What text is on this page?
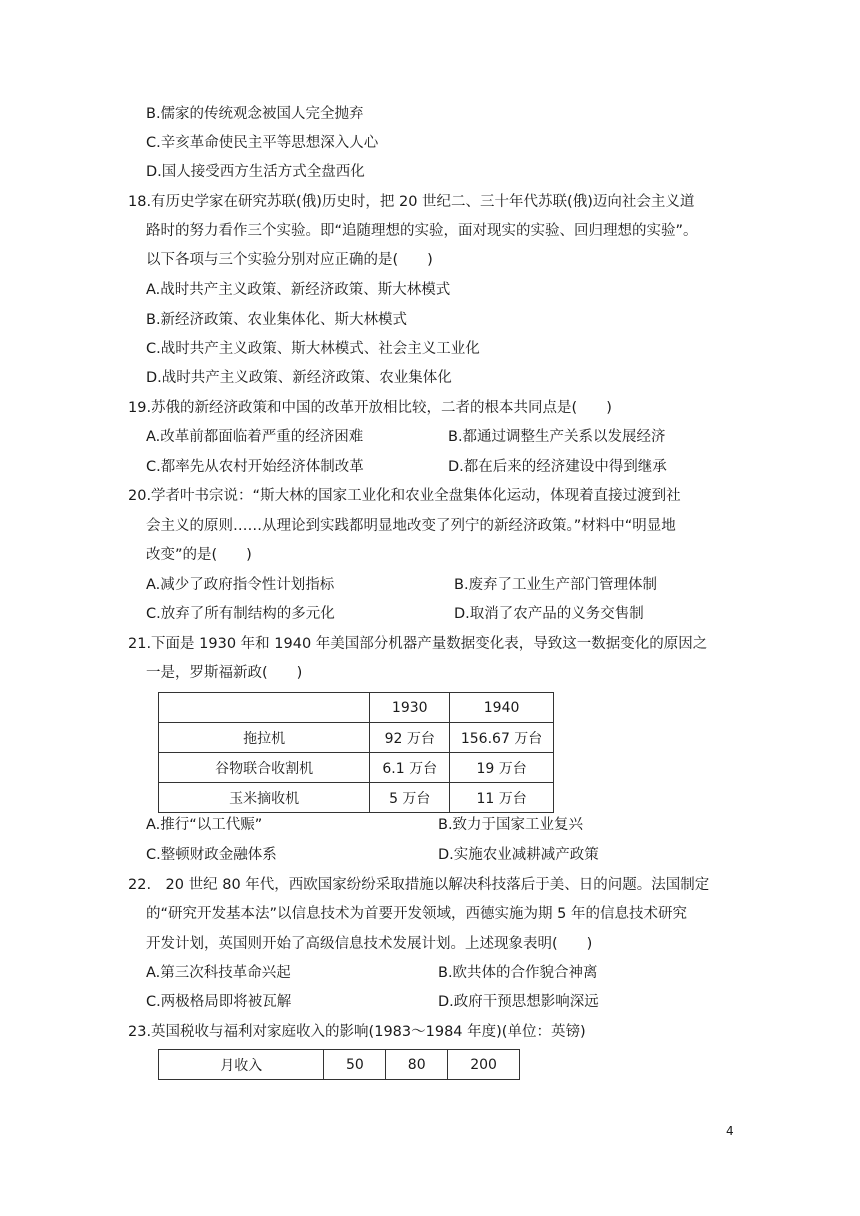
B.儒家的传统观念被国人完全抛弃
C.辛亥革命使民主平等思想深入人心
D.国人接受西方生活方式全盘西化
18.有历史学家在研究苏联(俄)历史时，把 20 世纪二、三十年代苏联(俄)迈向社会主义道
路时的努力看作三个实验。即“追随理想的实验，面对现实的实验、回归理想的实验”。
以下各项与三个实验分别对应正确的是(　　)
A.战时共产主义政策、新经济政策、斯大林模式
B.新经济政策、农业集体化、斯大林模式
C.战时共产主义政策、斯大林模式、社会主义工业化
D.战时共产主义政策、新经济政策、农业集体化
19.苏俄的新经济政策和中国的改革开放相比较，二者的根本共同点是(　　)
A.改革前都面临着严重的经济困难	B.都通过调整生产关系以发展经济
C.都率先从农村开始经济体制改革	D.都在后来的经济建设中得到继承
20.学者叶书宗说：“斯大林的国家工业化和农业全盘集体化运动，体现着直接过渡到社
会主义的原则……从理论到实践都明显地改变了列宁的新经济政策。”材料中“明显地
改变”的是(　　)
A.减少了政府指令性计划指标	B.废弃了工业生产部门管理体制
C.放弃了所有制结构的多元化	D.取消了农产品的义务交售制
21.下面是 1930 年和 1940 年美国部分机器产量数据变化表，导致这一数据变化的原因之
一是，罗斯福新政(　　)
	1930	1940
拖拉机	92 万台	156.67 万台
谷物联合收割机	6.1 万台	19 万台
玉米摘收机	5 万台	11 万台
A.推行“以工代赈”	B.致力于国家工业复兴
C.整顿财政金融体系	D.实施农业减耕减产政策
22.　20 世纪 80 年代，西欧国家纷纷采取措施以解决科技落后于美、日的问题。法国制定
的“研究开发基本法”以信息技术为首要开发领域，西德实施为期 5 年的信息技术研究
开发计划，英国则开始了高级信息技术发展计划。上述现象表明(　　)
A.第三次科技革命兴起	B.欧共体的合作貌合神离
C.两极格局即将被瓦解	D.政府干预思想影响深远
23.英国税收与福利对家庭收入的影响(1983～1984 年度)(单位：英镑)
月收入	50	80	200
4
